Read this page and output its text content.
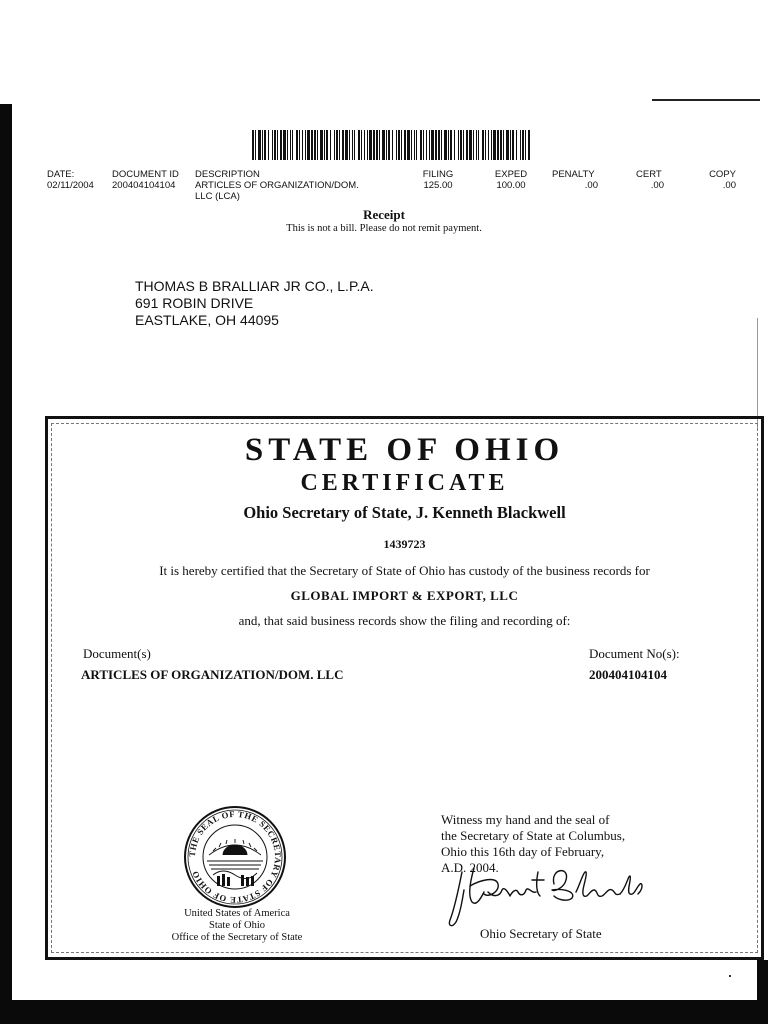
DATE:
02/11/2004
DOCUMENT ID
200404104104
DESCRIPTION
ARTICLES OF ORGANIZATION/DOM.
LLC (LCA)
FILING
125.00
EXPED
100.00
PENALTY
.00
CERT
.00
COPY
.00
Receipt
This is not a bill. Please do not remit payment.
THOMAS B BRALLIAR JR CO., L.P.A.
691 ROBIN DRIVE
EASTLAKE, OH 44095
STATE OF OHIO
CERTIFICATE
Ohio Secretary of State, J. Kenneth Blackwell
1439723
It is hereby certified that the Secretary of State of Ohio has custody of the business records for
GLOBAL IMPORT & EXPORT, LLC
and, that said business records show the filing and recording of:
Document(s)
ARTICLES OF ORGANIZATION/DOM. LLC
Document No(s):
200404104104
THE SEAL OF THE SECRETARY OF STATE OF OHIO
United States of America
State of Ohio
Office of the Secretary of State
Witness my hand and the seal of
the Secretary of State at Columbus,
Ohio this 16th day of February,
A.D. 2004.
Ohio Secretary of State
